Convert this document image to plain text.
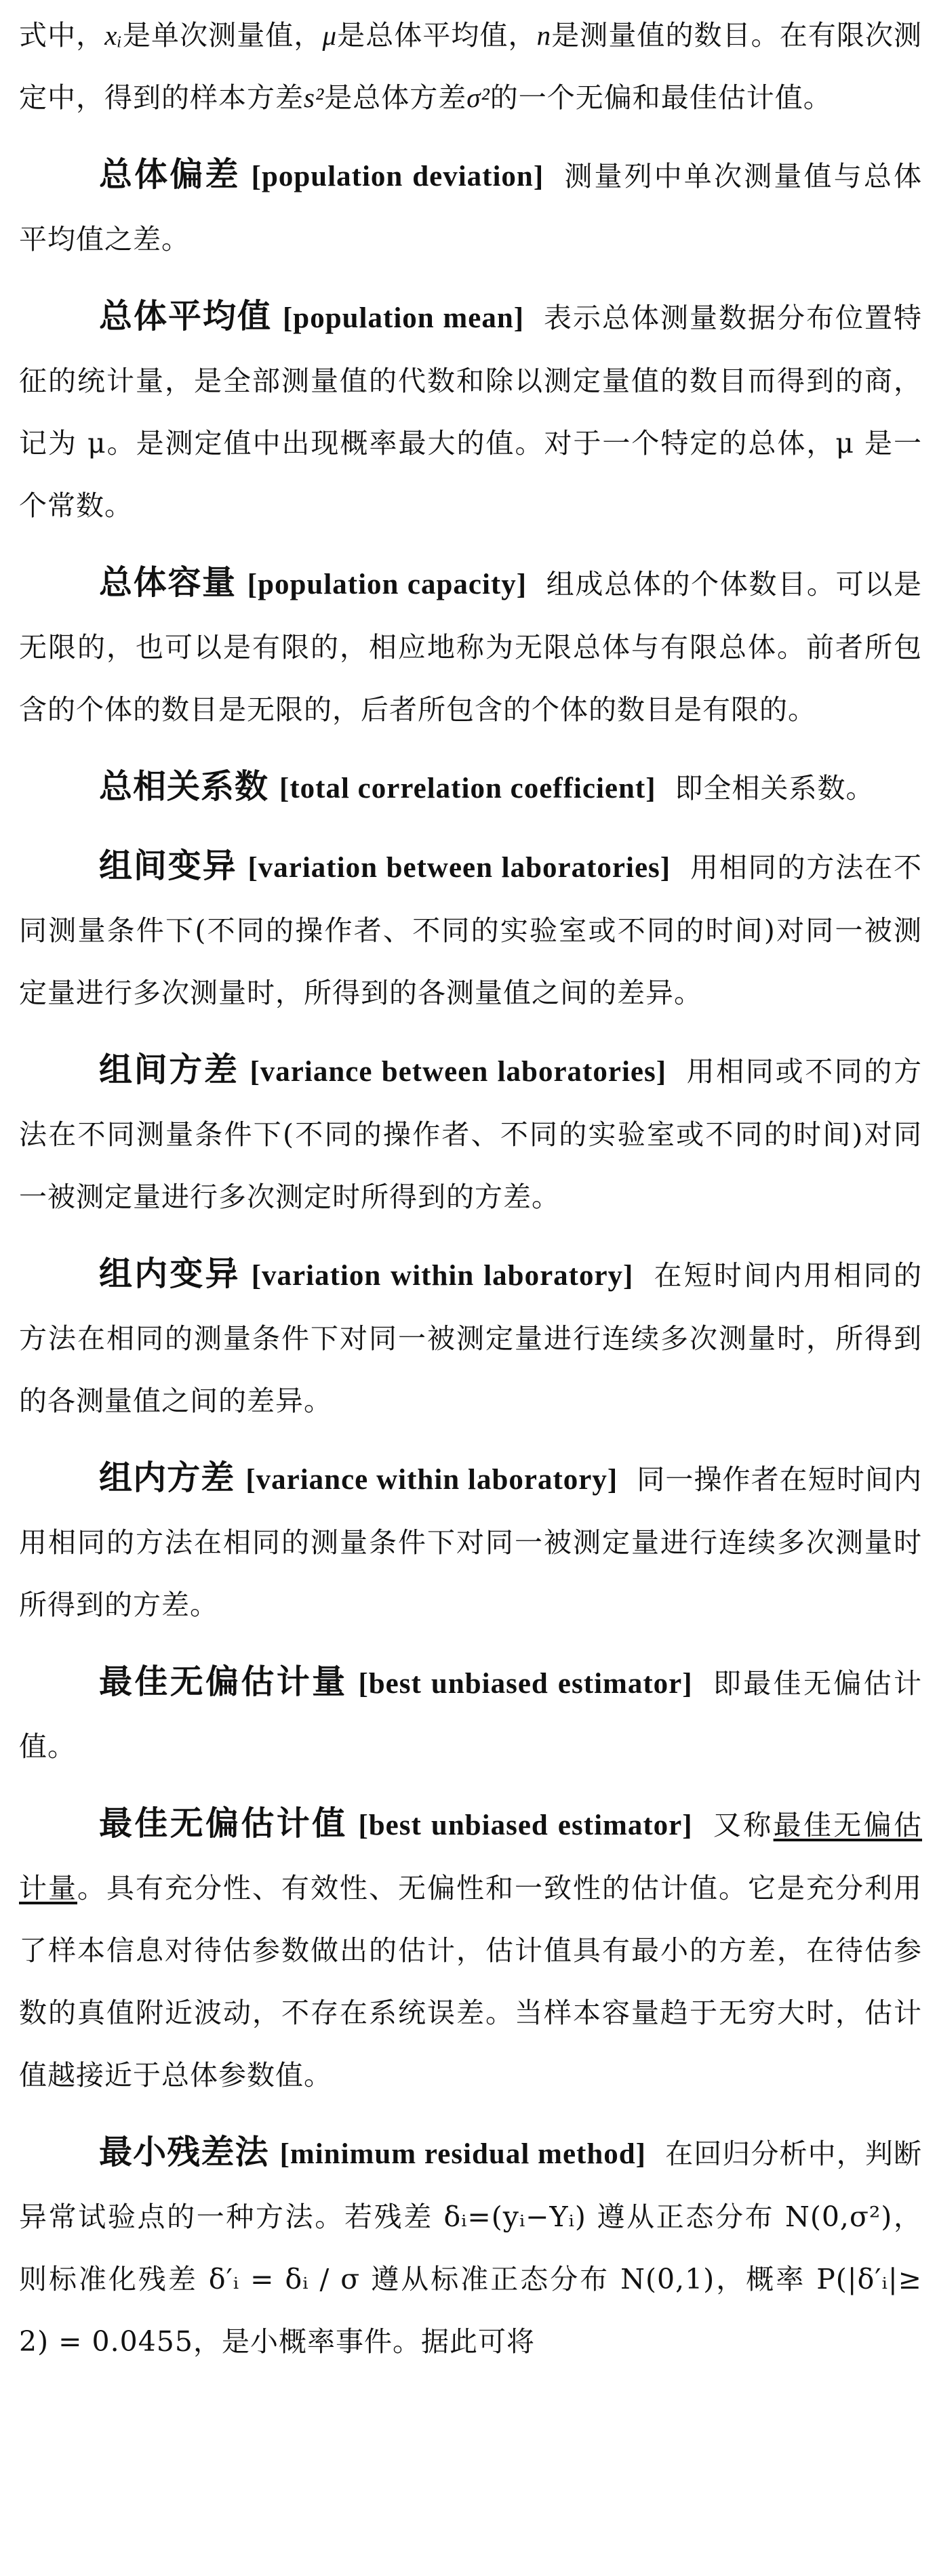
式中，xᵢ是单次测量值，μ是总体平均值，n是测量值的数目。在有限次测定中，得到的样本方差s²是总体方差σ²的一个无偏和最佳估计值。

总体偏差 [population deviation] 测量列中单次测量值与总体平均值之差。

总体平均值 [population mean] 表示总体测量数据分布位置特征的统计量，是全部测量值的代数和除以测定量值的数目而得到的商，记为 μ。是测定值中出现概率最大的值。对于一个特定的总体，μ 是一个常数。

总体容量 [population capacity] 组成总体的个体数目。可以是无限的，也可以是有限的，相应地称为无限总体与有限总体。前者所包含的个体的数目是无限的，后者所包含的个体的数目是有限的。

总相关系数 [total correlation coefficient] 即全相关系数。

组间变异 [variation between laboratories] 用相同的方法在不同测量条件下(不同的操作者、不同的实验室或不同的时间)对同一被测定量进行多次测量时，所得到的各测量值之间的差异。

组间方差 [variance between laboratories] 用相同或不同的方法在不同测量条件下(不同的操作者、不同的实验室或不同的时间)对同一被测定量进行多次测定时所得到的方差。

组内变异 [variation within laboratory] 在短时间内用相同的方法在相同的测量条件下对同一被测定量进行连续多次测量时，所得到的各测量值之间的差异。

组内方差 [variance within laboratory] 同一操作者在短时间内用相同的方法在相同的测量条件下对同一被测定量进行连续多次测量时所得到的方差。

最佳无偏估计量 [best unbiased estimator] 即最佳无偏估计值。

最佳无偏估计值 [best unbiased estimator] 又称最佳无偏估计量。具有充分性、有效性、无偏性和一致性的估计值。它是充分利用了样本信息对待估参数做出的估计，估计值具有最小的方差，在待估参数的真值附近波动，不存在系统误差。当样本容量趋于无穷大时，估计值越接近于总体参数值。

最小残差法 [minimum residual method] 在回归分析中，判断异常试验点的一种方法。若残差 δᵢ=(yᵢ−Yᵢ) 遵从正态分布 N(0,σ²)，则标准化残差 δ′ᵢ = δᵢ / σ 遵从标准正态分布 N(0,1)，概率 P(|δ′ᵢ|≥ 2) = 0.0455，是小概率事件。据此可将
